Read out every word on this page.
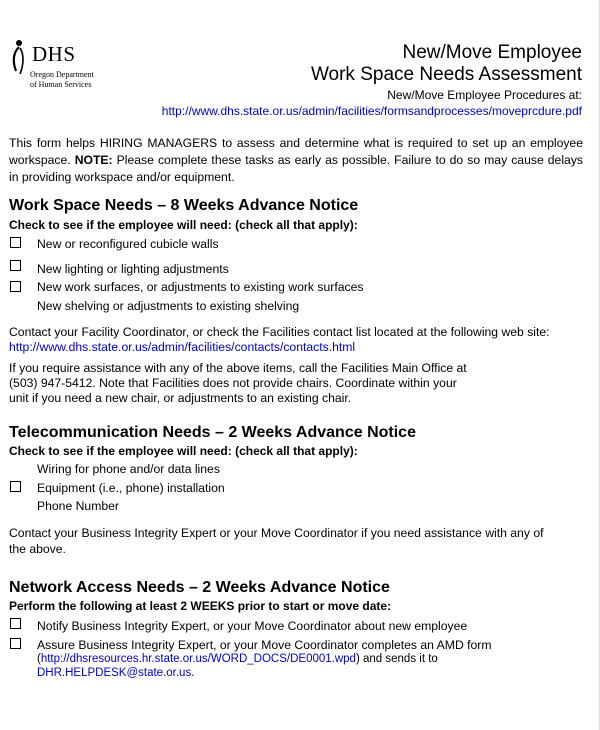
DHS
Oregon Department
of Human Services
New/Move Employee
Work Space Needs Assessment
New/Move Employee Procedures at:
http://www.dhs.state.or.us/admin/facilities/formsandprocesses/moveprcdure.pdf
This form helps HIRING MANAGERS to assess and determine what is required to set up an employee workspace. NOTE: Please complete these tasks as early as possible. Failure to do so may cause delays in providing workspace and/or equipment.
Work Space Needs – 8 Weeks Advance Notice
Check to see if the employee will need: (check all that apply):
New or reconfigured cubicle walls
New lighting or lighting adjustments
New work surfaces, or adjustments to existing work surfaces
New shelving or adjustments to existing shelving
Contact your Facility Coordinator, or check the Facilities contact list located at the following web site:
http://www.dhs.state.or.us/admin/facilities/contacts/contacts.html
If you require assistance with any of the above items, call the Facilities Main Office at
(503) 947-5412. Note that Facilities does not provide chairs. Coordinate within your
unit if you need a new chair, or adjustments to an existing chair.
Telecommunication Needs – 2 Weeks Advance Notice
Check to see if the employee will need: (check all that apply):
Wiring for phone and/or data lines
Equipment (i.e., phone) installation
Phone Number
Contact your Business Integrity Expert or your Move Coordinator if you need assistance with any of
the above.
Network Access Needs – 2 Weeks Advance Notice
Perform the following at least 2 WEEKS prior to start or move date:
Notify Business Integrity Expert, or your Move Coordinator about new employee
Assure Business Integrity Expert, or your Move Coordinator completes an AMD form
(http://dhsresources.hr.state.or.us/WORD_DOCS/DE0001.wpd) and sends it to
DHR.HELPDESK@state.or.us.
